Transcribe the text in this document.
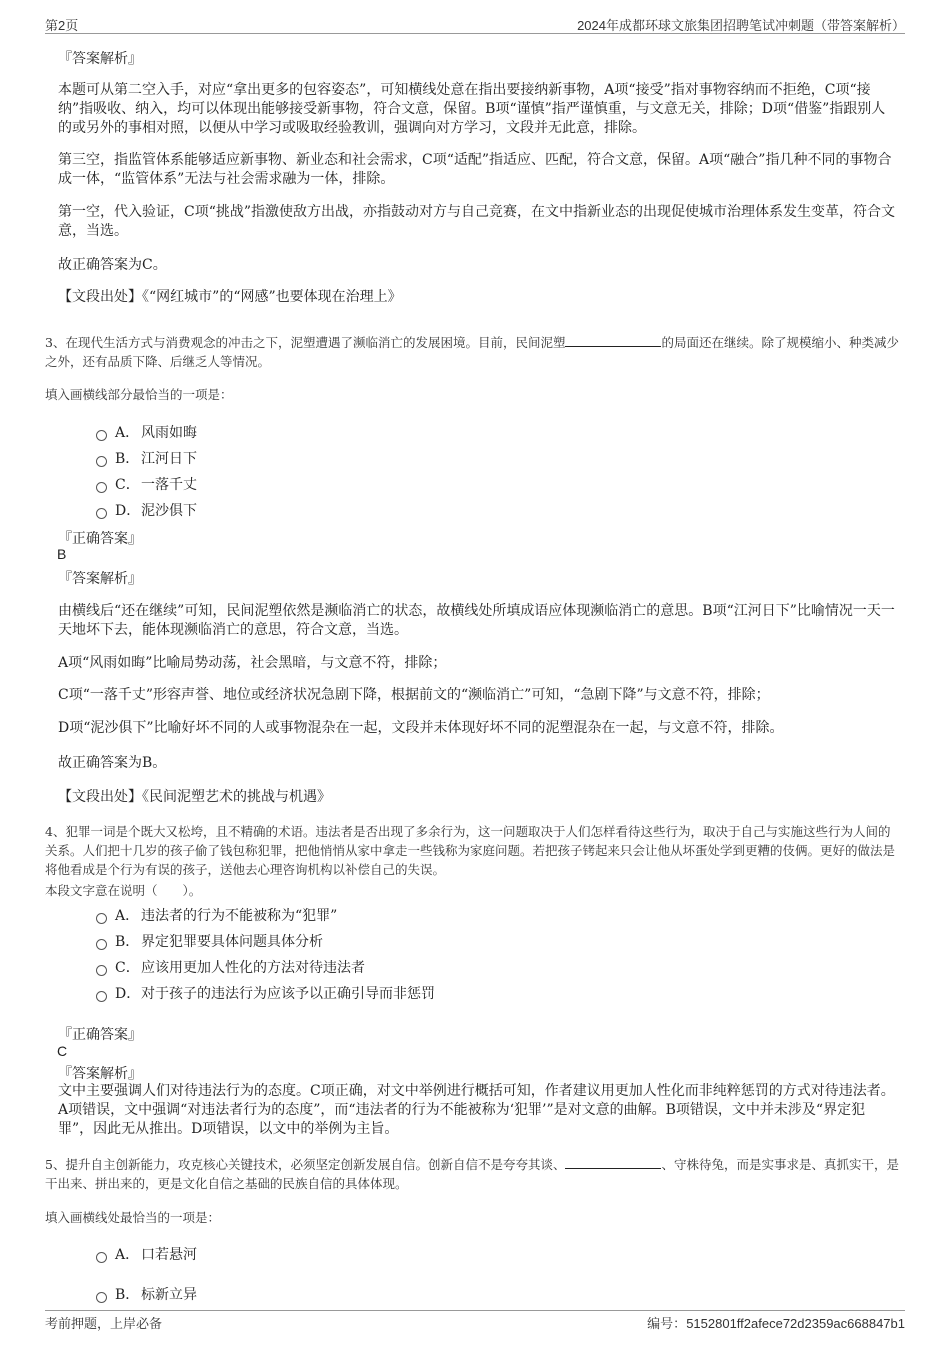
第2页	2024年成都环球文旅集团招聘笔试冲刺题（带答案解析）
『答案解析』
本题可从第二空入手，对应“拿出更多的包容姿态”，可知横线处意在指出要接纳新事物，A项“接受”指对事物容纳而不拒绝，C项“接纳”指吸收、纳入，均可以体现出能够接受新事物，符合文意，保留。B项“谨慎”指严谨慎重，与文意无关，排除；D项“借鉴”指跟别人的或另外的事相对照，以便从中学习或吸取经验教训，强调向对方学习，文段并无此意，排除。
第三空，指监管体系能够适应新事物、新业态和社会需求，C项“适配”指适应、匹配，符合文意，保留。A项“融合”指几种不同的事物合成一体，“监管体系”无法与社会需求融为一体，排除。
第一空，代入验证，C项“挑战”指激使敌方出战，亦指鼓动对方与自己竞赛，在文中指新业态的出现促使城市治理体系发生变革，符合文意，当选。
故正确答案为C。
【文段出处】《“网红城市”的“网感”也要体现在治理上》
3、在现代生活方式与消费观念的冲击之下，泥塑遭遇了濒临消亡的发展困境。目前，民间泥塑	的局面还在继续。除了规模缩小、种类减少之外，还有品质下降、后继乏人等情况。
填入画横线部分最恰当的一项是：
A． 风雨如晦
B． 江河日下
C． 一落千丈
D． 泥沙俱下
『正确答案』
B
『答案解析』
由横线后“还在继续”可知，民间泥塑依然是濒临消亡的状态，故横线处所填成语应体现濒临消亡的意思。B项“江河日下”比喻情况一天一天地坏下去，能体现濒临消亡的意思，符合文意，当选。
A项“风雨如晦”比喻局势动荡，社会黑暗，与文意不符，排除；
C项“一落千丈”形容声誉、地位或经济状况急剧下降，根据前文的“濒临消亡”可知，“急剧下降”与文意不符，排除；
D项“泥沙俱下”比喻好坏不同的人或事物混杂在一起，文段并未体现好坏不同的泥塑混杂在一起，与文意不符，排除。
故正确答案为B。
【文段出处】《民间泥塑艺术的挑战与机遇》
4、犯罪一词是个既大又松垮，且不精确的术语。违法者是否出现了多余行为，这一问题取决于人们怎样看待这些行为，取决于自己与实施这些行为人间的关系。人们把十几岁的孩子偷了钱包称犯罪，把他悄悄从家中拿走一些钱称为家庭问题。若把孩子铐起来只会让他从坏蛋处学到更糟的伎俩。更好的做法是将他看成是个行为有误的孩子，送他去心理咨询机构以补偿自己的失误。
本段文字意在说明（　　）。
A． 违法者的行为不能被称为“犯罪”
B． 界定犯罪要具体问题具体分析
C． 应该用更加人性化的方法对待违法者
D． 对于孩子的违法行为应该予以正确引导而非惩罚
『正确答案』
C
『答案解析』
文中主要强调人们对待违法行为的态度。C项正确，对文中举例进行概括可知，作者建议用更加人性化而非纯粹惩罚的方式对待违法者。A项错误，文中强调“对违法者行为的态度”，而“违法者的行为不能被称为‘犯罪’”是对文意的曲解。B项错误，文中并未涉及“界定犯罪”，因此无从推出。D项错误，以文中的举例为主旨。
5、提升自主创新能力，攻克核心关键技术，必须坚定创新发展自信。创新自信不是夸夸其谈、	、守株待兔，而是实事求是、真抓实干，是干出来、拼出来的，更是文化自信之基础的民族自信的具体体现。
填入画横线处最恰当的一项是：
A． 口若悬河
B． 标新立异
考前押题，上岸必备	编号：5152801ff2afece72d2359ac668847b1
